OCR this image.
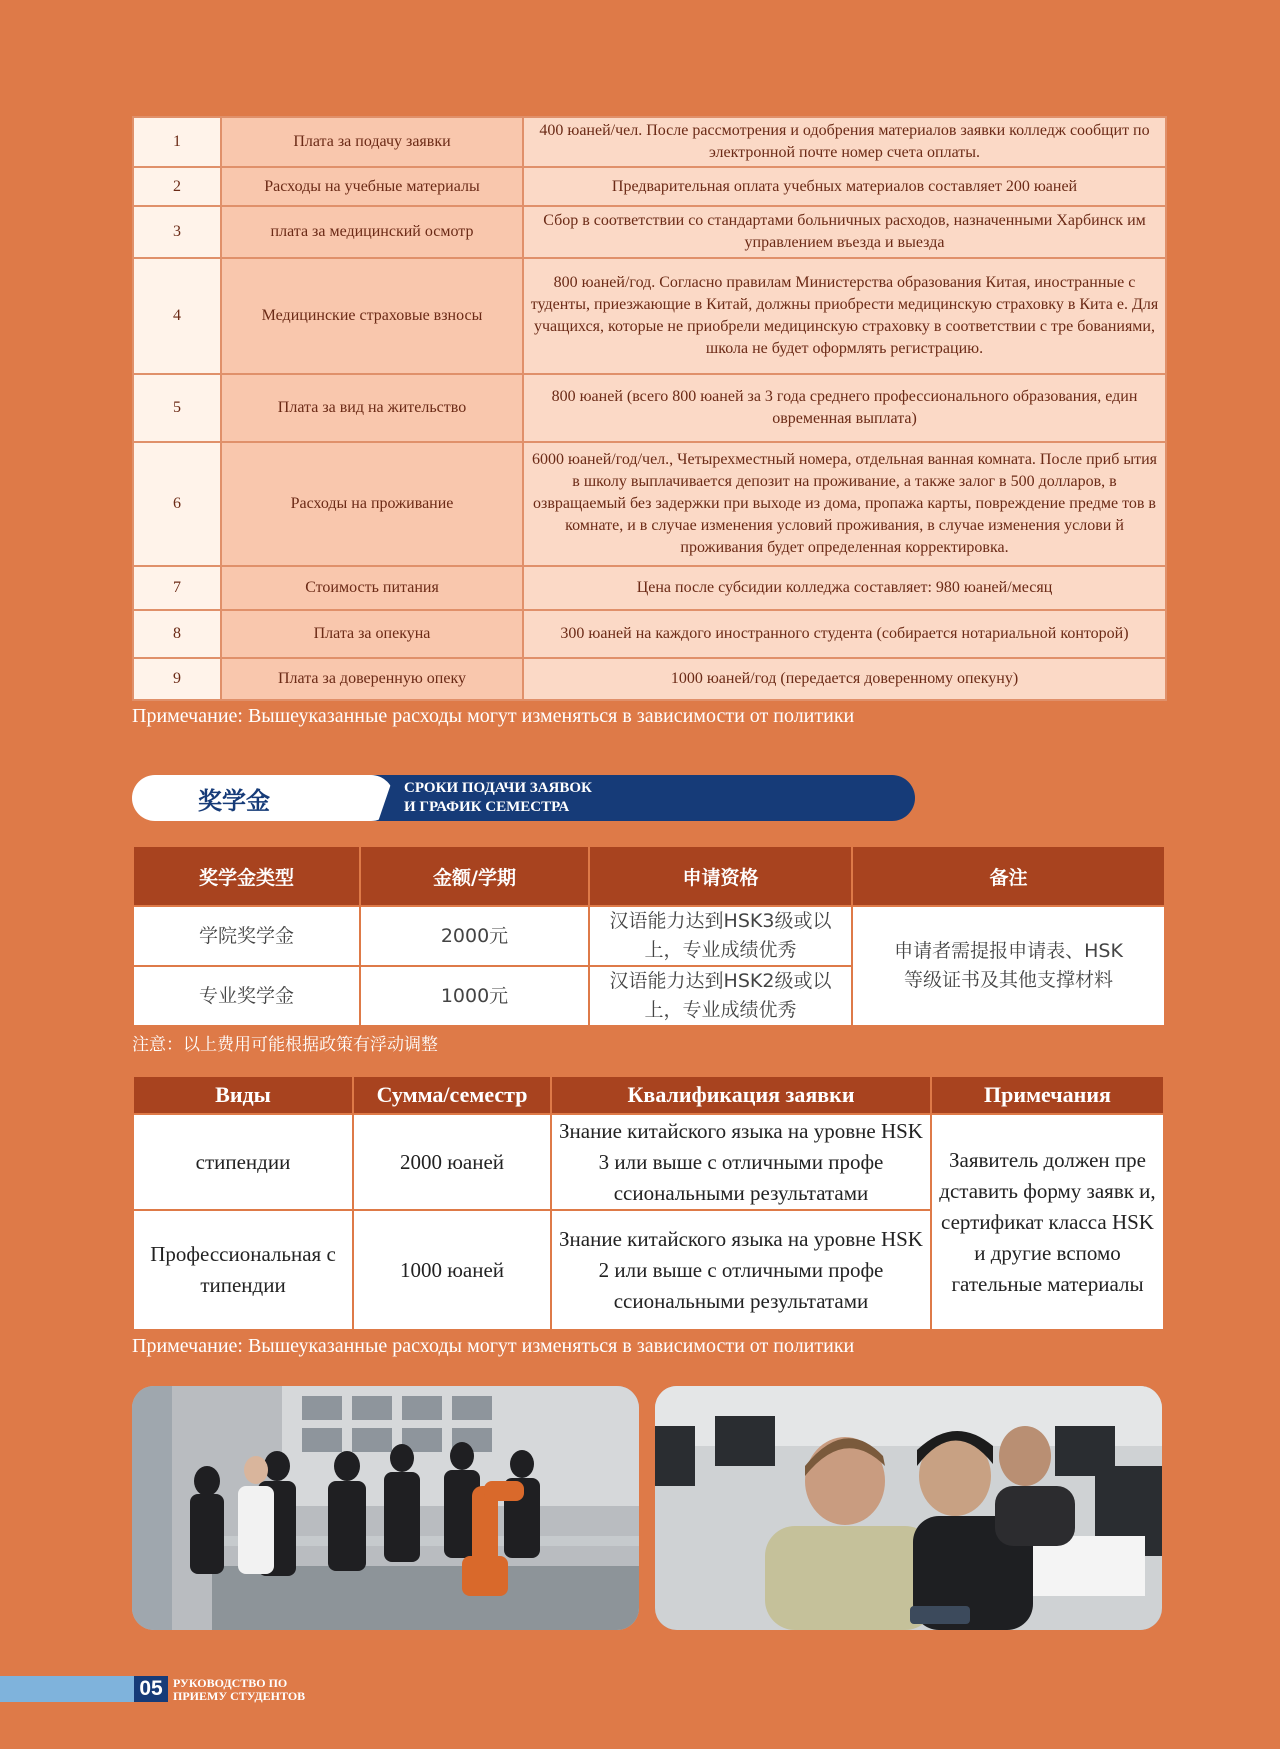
1	Плата за подачу заявки	400 юаней/чел. После рассмотрения и одобрения материалов заявки колледж сообщит по электронной почте номер счета оплаты.
2	Расходы на учебные материалы	Предварительная оплата учебных материалов составляет 200 юаней
3	плата за медицинский осмотр	Сбор в соответствии со стандартами больничных расходов, назначенными Харбинск им управлением въезда и выезда
4	Медицинские страховые взносы	800 юаней/год. Согласно правилам Министерства образования Китая, иностранные с туденты, приезжающие в Китай, должны приобрести медицинскую страховку в Кита е. Для учащихся, которые не приобрели медицинскую страховку в соответствии с тре бованиями, школа не будет оформлять регистрацию.
5	Плата за вид на жительство	800 юаней (всего 800 юаней за 3 года среднего профессионального образования, един овременная выплата)
6	Расходы на проживание	6000 юаней/год/чел., Четырехместный номера, отдельная ванная комната. После приб ытия в школу выплачивается депозит на проживание, а также залог в 500 долларов, в озвращаемый без задержки при выходе из дома, пропажа карты, повреждение предме тов в комнате, и в случае изменения условий проживания, в случае изменения услови й проживания будет определенная корректировка.
7	Стоимость питания	Цена после субсидии колледжа составляет: 980 юаней/месяц
8	Плата за опекуна	300 юаней на каждого иностранного студента (собирается нотариальной конторой)
9	Плата за доверенную опеку	1000 юаней/год (передается доверенному опекуну)
Примечание: Вышеуказанные расходы могут изменяться в зависимости от политики
奖学金	СРОКИ ПОДАЧИ ЗАЯВОК
И ГРАФИК СЕМЕСТРА
奖学金类型	金额/学期	申请资格	备注
学院奖学金	2000元	汉语能力达到HSK3级或以上，专业成绩优秀	申请者需提报申请表、HSK等级证书及其他支撑材料
专业奖学金	1000元	汉语能力达到HSK2级或以上，专业成绩优秀	
注意：以上费用可能根据政策有浮动调整
Виды	Сумма/семестр	Квалификация заявки	Примечания
стипендии	2000 юаней	Знание китайского языка на уровне HSK 3 или выше с отличными профе ссиональными результатами	Заявитель должен пре дставить форму заявк и, сертификат класса HSK и другие вспомо гательные материалы
Профессиональная с типендии	1000 юаней	Знание китайского языка на уровне HSK 2 или выше с отличными профе ссиональными результатами	
Примечание: Вышеуказанные расходы могут изменяться в зависимости от политики
05 РУКОВОДСТВО ПО
ПРИЕМУ СТУДЕНТОВ
